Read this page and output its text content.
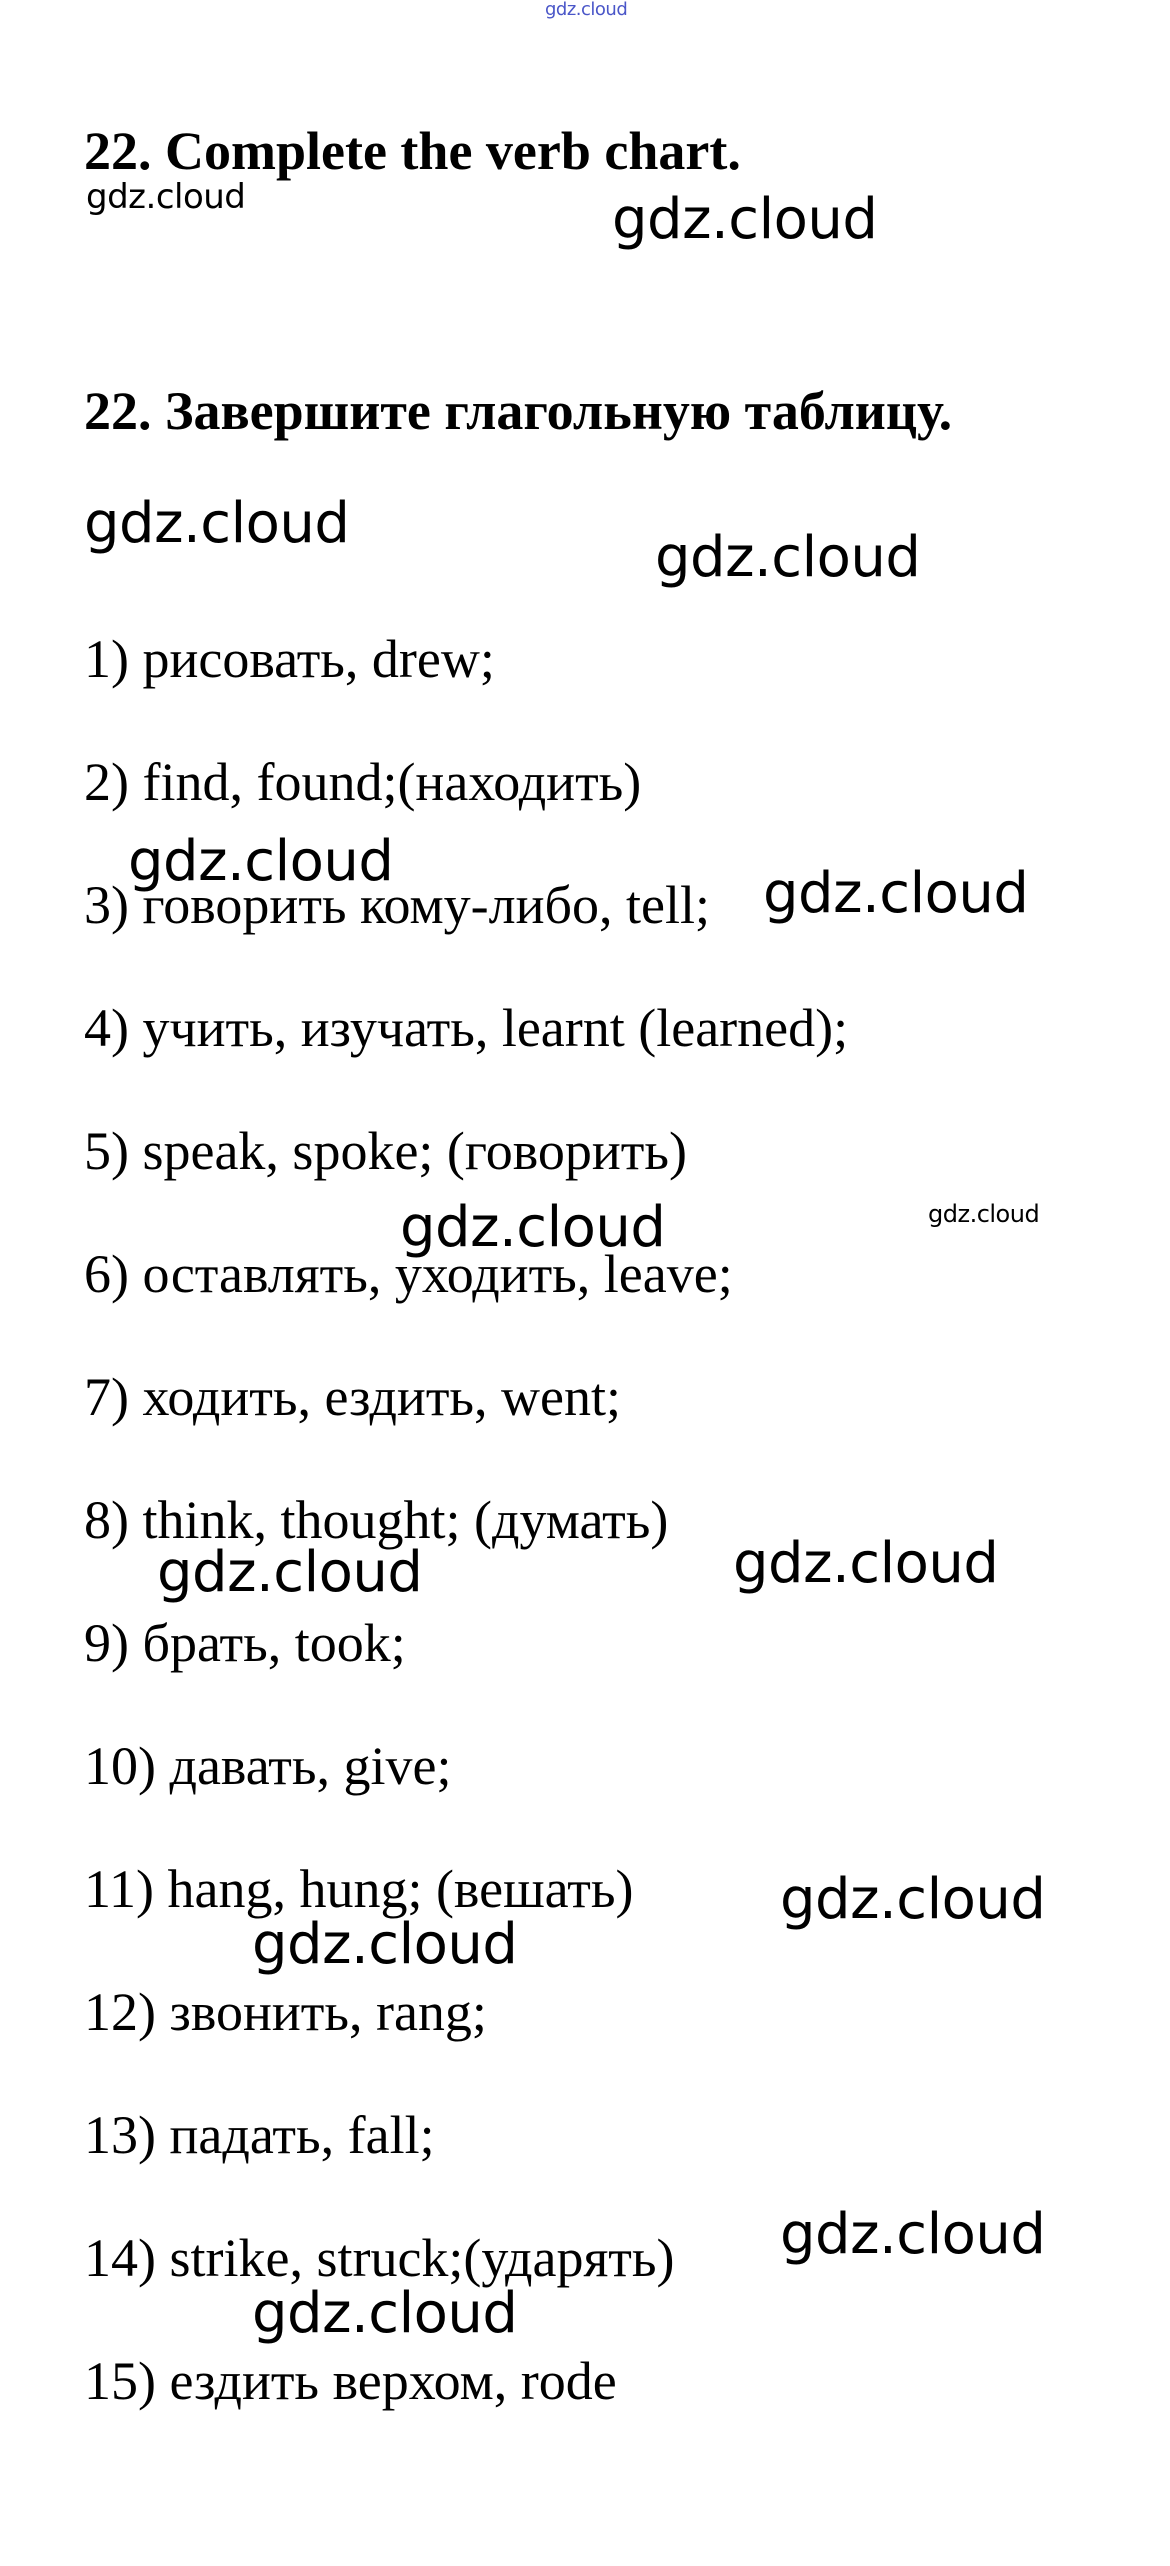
gdz.cloud
22. Complete the verb chart.
22. Завершите глагольную таблицу.

1) рисовать, drew;

2) find, found;(находить)

3) говорить кому-либо, tell;

4) учить, изучать, learnt (learned);

5) speak, spoke; (говорить)

6) оставлять, уходить, leave;

7) ходить, ездить, went;

8) think, thought; (думать)

9) брать, took;

10) давать, give;

11) hang, hung; (вешать)

12) звонить, rang;

13) падать, fall;

14) strike, struck;(ударять)

15) ездить верхом, rode

gdz.cloud	gdz.cloud
gdz.cloud
gdz.cloud
gdz.cloud	gdz.cloud
gdz.cloud	gdz.cloud
gdz.cloud	gdz.cloud
gdz.cloud
gdz.cloud
gdz.cloud
gdz.cloud
